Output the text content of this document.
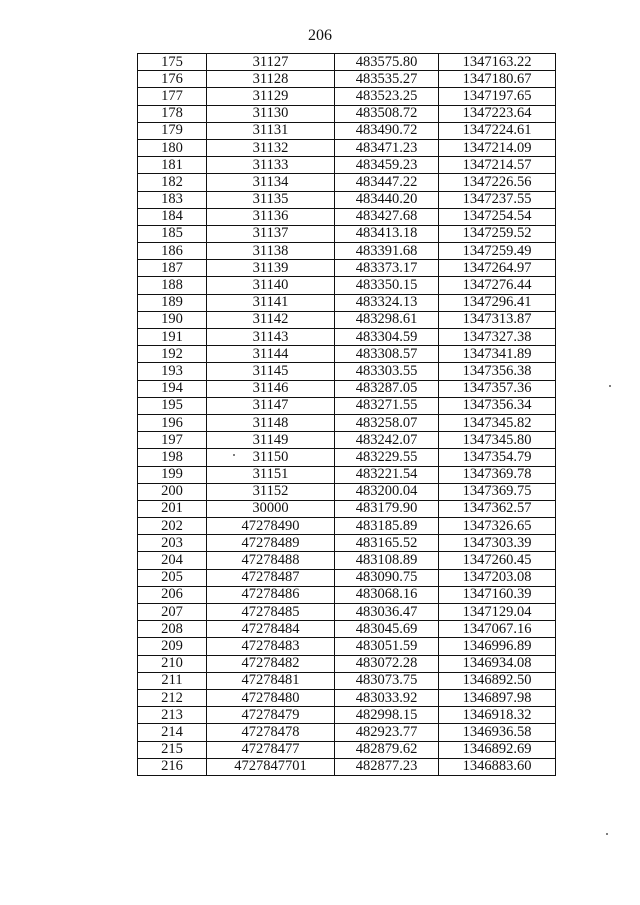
206
175	31127	483575.80	1347163.22
176	31128	483535.27	1347180.67
177	31129	483523.25	1347197.65
178	31130	483508.72	1347223.64
179	31131	483490.72	1347224.61
180	31132	483471.23	1347214.09
181	31133	483459.23	1347214.57
182	31134	483447.22	1347226.56
183	31135	483440.20	1347237.55
184	31136	483427.68	1347254.54
185	31137	483413.18	1347259.52
186	31138	483391.68	1347259.49
187	31139	483373.17	1347264.97
188	31140	483350.15	1347276.44
189	31141	483324.13	1347296.41
190	31142	483298.61	1347313.87
191	31143	483304.59	1347327.38
192	31144	483308.57	1347341.89
193	31145	483303.55	1347356.38
194	31146	483287.05	1347357.36
195	31147	483271.55	1347356.34
196	31148	483258.07	1347345.82
197	31149	483242.07	1347345.80
198	31150	483229.55	1347354.79
199	31151	483221.54	1347369.78
200	31152	483200.04	1347369.75
201	30000	483179.90	1347362.57
202	47278490	483185.89	1347326.65
203	47278489	483165.52	1347303.39
204	47278488	483108.89	1347260.45
205	47278487	483090.75	1347203.08
206	47278486	483068.16	1347160.39
207	47278485	483036.47	1347129.04
208	47278484	483045.69	1347067.16
209	47278483	483051.59	1346996.89
210	47278482	483072.28	1346934.08
211	47278481	483073.75	1346892.50
212	47278480	483033.92	1346897.98
213	47278479	482998.15	1346918.32
214	47278478	482923.77	1346936.58
215	47278477	482879.62	1346892.69
216	4727847701	482877.23	1346883.60
